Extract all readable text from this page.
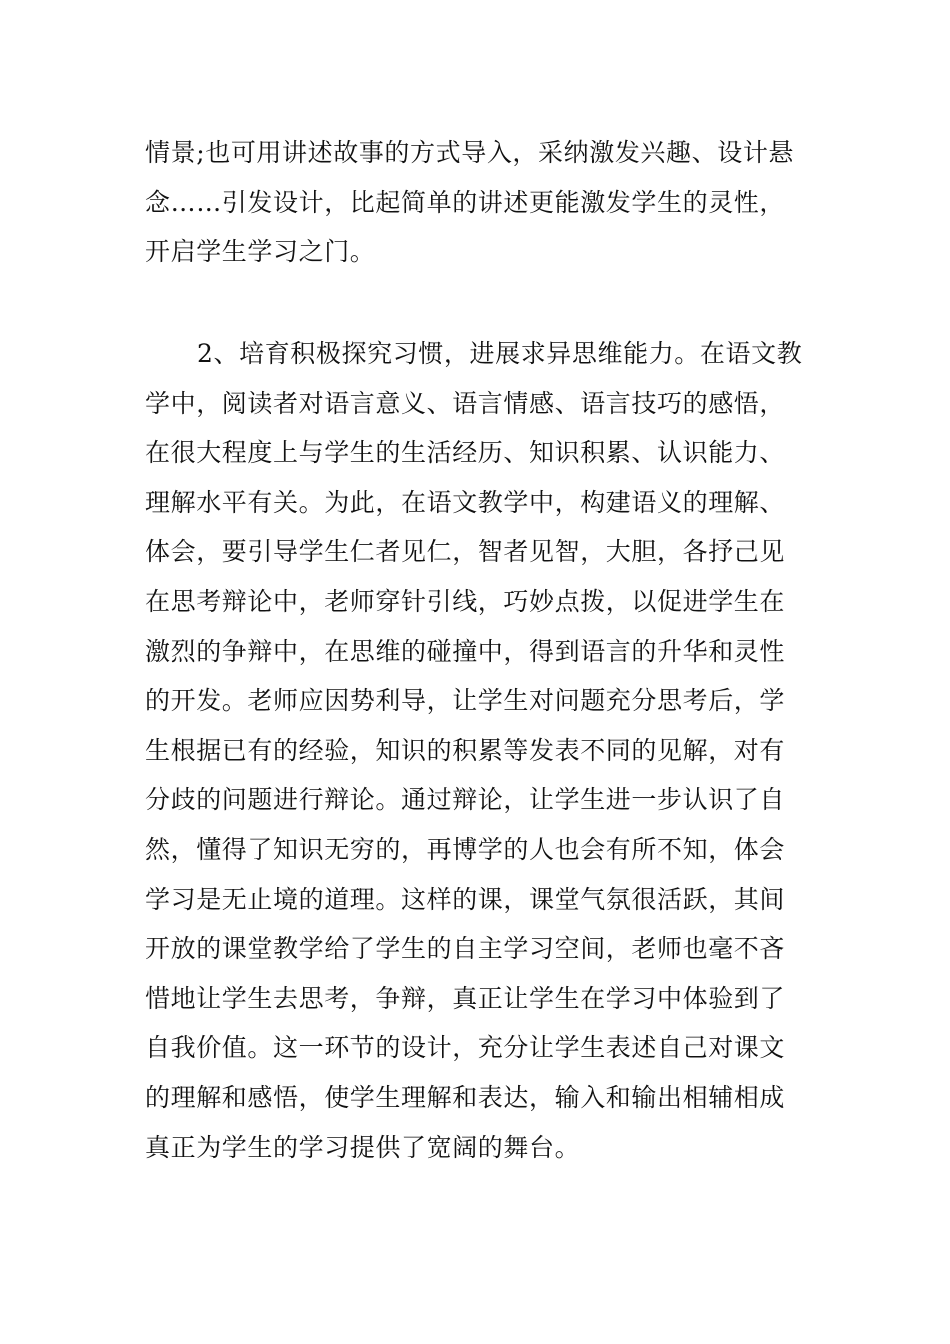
情景;也可用讲述故事的方式导入，采纳激发兴趣、设计悬
念……引发设计，比起简单的讲述更能激发学生的灵性，
开启学生学习之门。
2、培育积极探究习惯，进展求异思维能力。在语文教
学中，阅读者对语言意义、语言情感、语言技巧的感悟，
在很大程度上与学生的生活经历、知识积累、认识能力、
理解水平有关。为此，在语文教学中，构建语义的理解、
体会，要引导学生仁者见仁，智者见智，大胆，各抒己见
在思考辩论中，老师穿针引线，巧妙点拨，以促进学生在
激烈的争辩中，在思维的碰撞中，得到语言的升华和灵性
的开发。老师应因势利导，让学生对问题充分思考后，学
生根据已有的经验，知识的积累等发表不同的见解，对有
分歧的问题进行辩论。通过辩论，让学生进一步认识了自
然，懂得了知识无穷的，再博学的人也会有所不知，体会
学习是无止境的道理。这样的课，课堂气氛很活跃，其间
开放的课堂教学给了学生的自主学习空间，老师也毫不吝
惜地让学生去思考，争辩，真正让学生在学习中体验到了
自我价值。这一环节的设计，充分让学生表述自己对课文
的理解和感悟，使学生理解和表达，输入和输出相辅相成
真正为学生的学习提供了宽阔的舞台。
